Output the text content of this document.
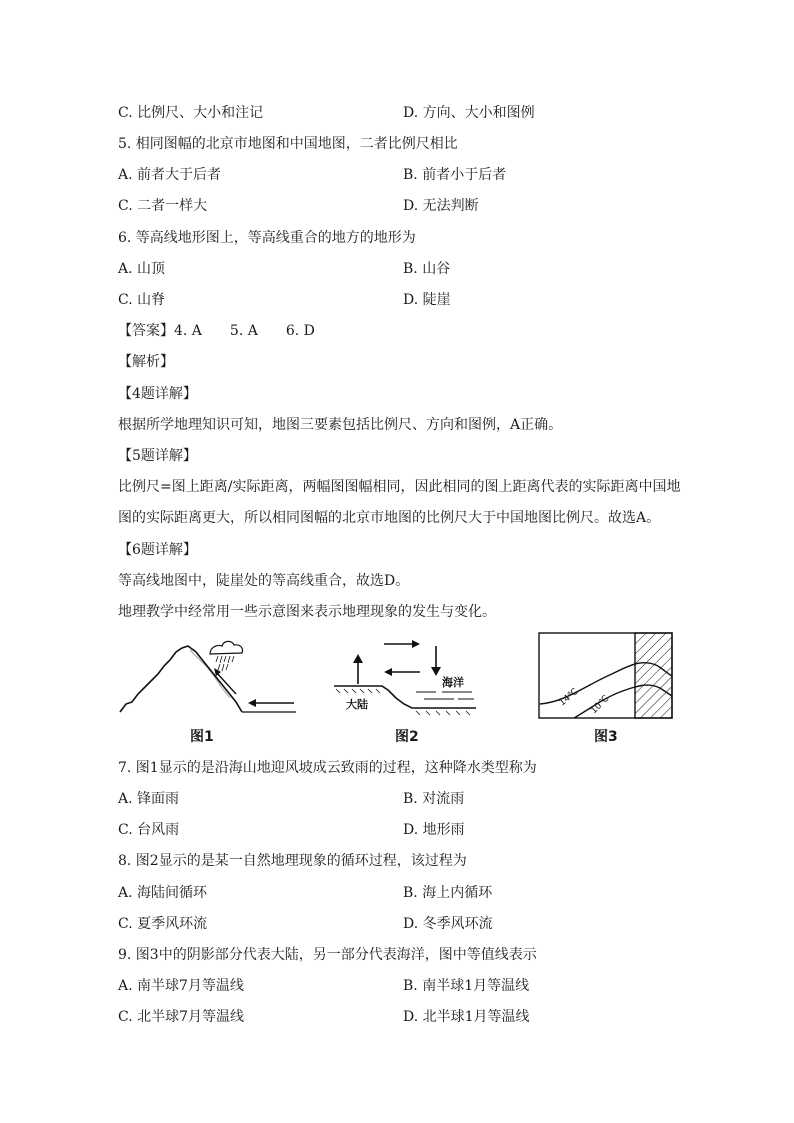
C. 比例尺、大小和注记	D. 方向、大小和图例
5. 相同图幅的北京市地图和中国地图，二者比例尺相比
A. 前者大于后者	B. 前者小于后者
C. 二者一样大	D. 无法判断
6. 等高线地形图上，等高线重合的地方的地形为
A. 山顶	B. 山谷
C. 山脊	D. 陡崖
【答案】4. A　　5. A　　6. D
【解析】
【4题详解】
根据所学地理知识可知，地图三要素包括比例尺、方向和图例，A正确。
【5题详解】
比例尺=图上距离/实际距离，两幅图图幅相同，因此相同的图上距离代表的实际距离中国地
图的实际距离更大，所以相同图幅的北京市地图的比例尺大于中国地图比例尺。故选A。
【6题详解】
等高线地图中，陡崖处的等高线重合，故选D。
地理教学中经常用一些示意图来表示地理现象的发生与变化。
图1
海洋
大陆
图2
14℃ 10℃
图3
7. 图1显示的是沿海山地迎风坡成云致雨的过程，这种降水类型称为
A. 锋面雨	B. 对流雨
C. 台风雨	D. 地形雨
8. 图2显示的是某一自然地理现象的循环过程，该过程为
A. 海陆间循环	B. 海上内循环
C. 夏季风环流	D. 冬季风环流
9. 图3中的阴影部分代表大陆，另一部分代表海洋，图中等值线表示
A. 南半球7月等温线	B. 南半球1月等温线
C. 北半球7月等温线	D. 北半球1月等温线
